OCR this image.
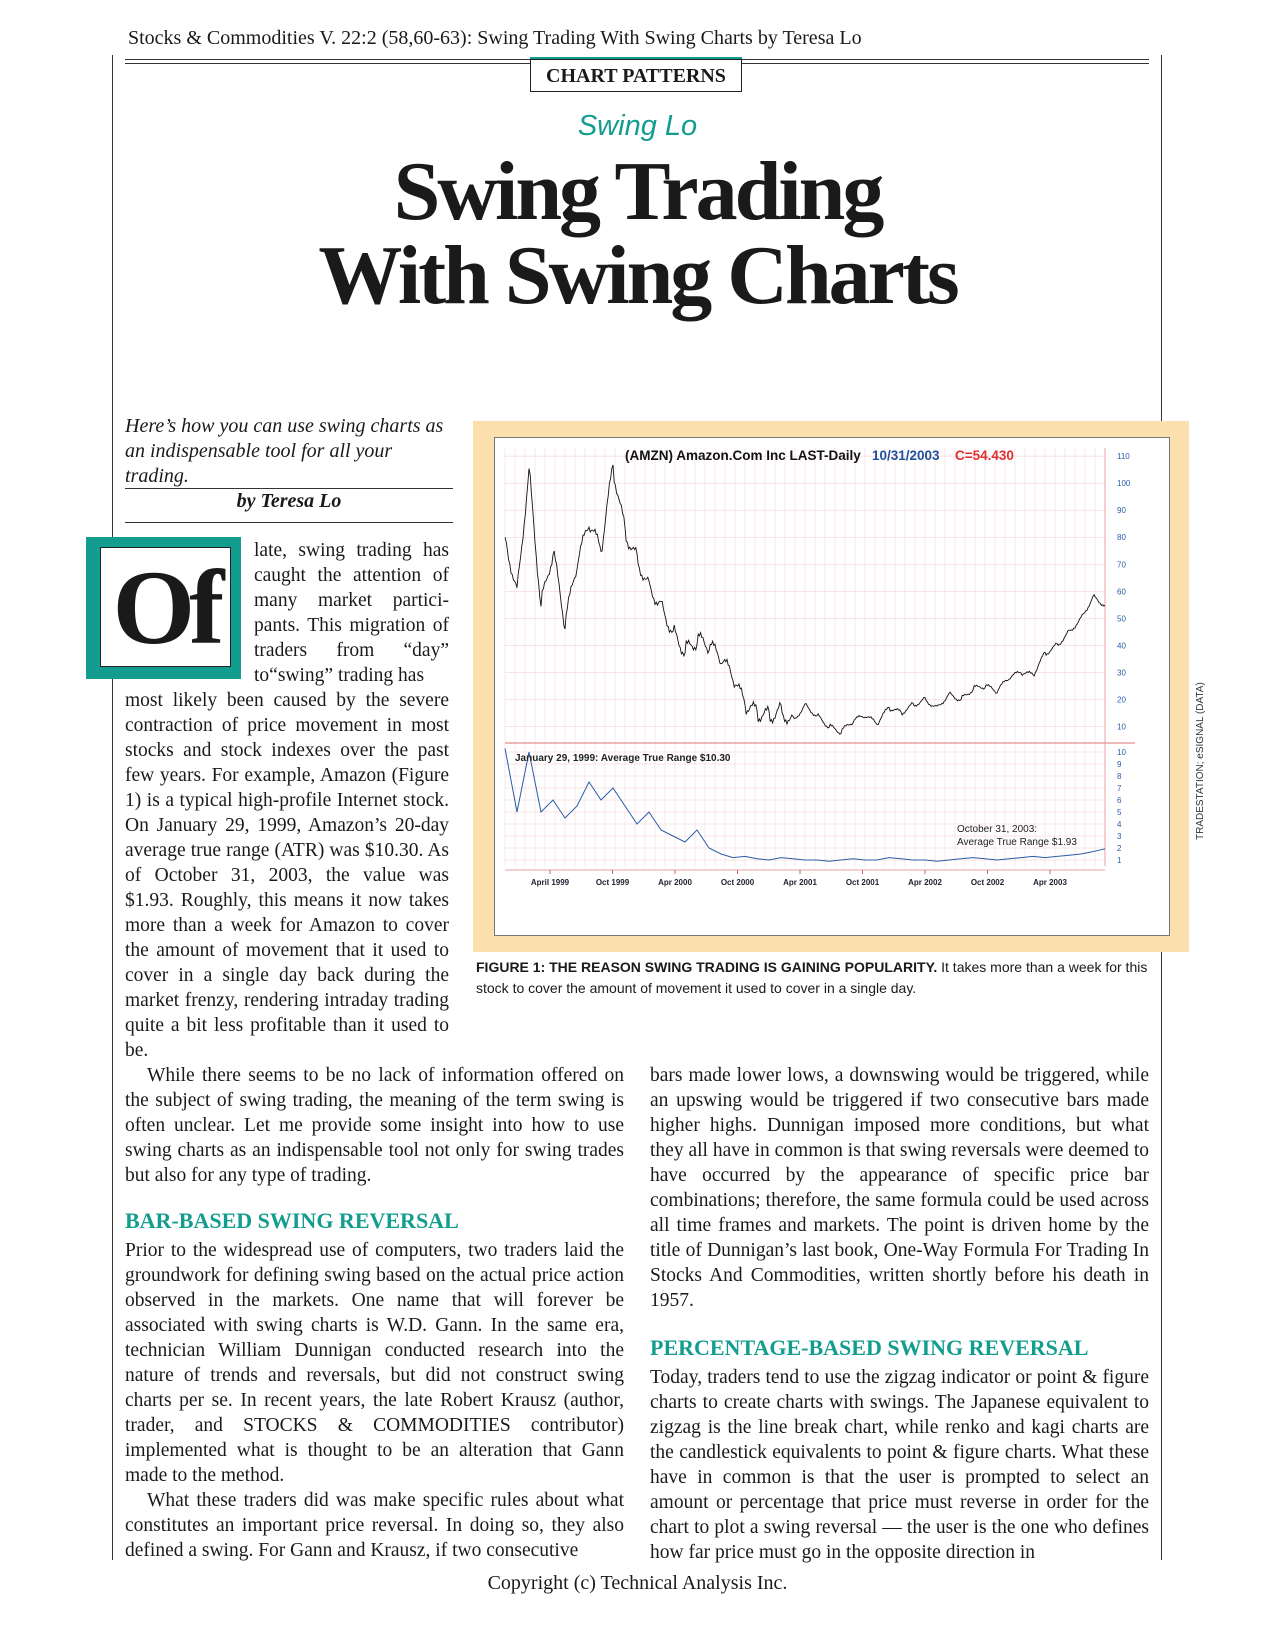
Stocks & Commodities V. 22:2 (58,60-63): Swing Trading With Swing Charts by Teresa Lo
CHART PATTERNS
Swing Lo
Swing Trading
With Swing Charts
Here’s how you can use swing charts as an indispensable tool for all your trading.
by Teresa Lo
Of	late, swing trading has caught the attention of many market partici-pants. This migration of traders from “day” to“swing” trading has
most likely been caused by the severe contraction of price movement in most stocks and stock indexes over the past few years. For example, Amazon (Figure 1) is a typical high-profile Internet stock. On January 29, 1999, Amazon’s 20-day average true range (ATR) was $10.30. As of October 31, 2003, the value was $1.93. Roughly, this means it now takes more than a week for Amazon to cover the amount of movement that it used to cover in a single day back during the market frenzy, rendering intraday trading quite a bit less profitable than it used to be.
While there seems to be no lack of information offered on the subject of swing trading, the meaning of the term swing is often unclear. Let me provide some insight into how to use swing charts as an indispensable tool not only for swing trades but also for any type of trading.
BAR-BASED SWING REVERSAL

Prior to the widespread use of computers, two traders laid the groundwork for defining swing based on the actual price action observed in the markets. One name that will forever be associated with swing charts is W.D. Gann. In the same era, technician William Dunnigan conducted research into the nature of trends and reversals, but did not construct swing charts per se. In recent years, the late Robert Krausz (author, trader, and STOCKS & COMMODITIES contributor) implemented what is thought to be an alteration that Gann made to the method.

What these traders did was make specific rules about what constitutes an important price reversal. In doing so, they also defined a swing. For Gann and Krausz, if two consecutive

bars made lower lows, a downswing would be triggered, while an upswing would be triggered if two consecutive bars made higher highs. Dunnigan imposed more conditions, but what they all have in common is that swing reversals were deemed to have occurred by the appearance of specific price bar combinations; therefore, the same formula could be used across all time frames and markets. The point is driven home by the title of Dunnigan’s last book, One-Way Formula For Trading In Stocks And Commodities, written shortly before his death in 1957.
PERCENTAGE-BASED SWING REVERSAL

Today, traders tend to use the zigzag indicator or point & figure charts to create charts with swings. The Japanese equivalent to zigzag is the line break chart, while renko and kagi charts are the candlestick equivalents to point & figure charts. What these have in common is that the user is prompted to select an amount or percentage that price must reverse in order for the chart to plot a swing reversal — the user is the one who defines how far price must go in the opposite direction in

10
20
30
40
50
60
70
80
90
100
110
1
2
3
4
5
6
7
8
9
10
April 1999	Oct 1999	Apr 2000	Oct 2000	Apr 2001	Oct 2001	Apr 2002	Oct 2002	Apr 2003
(AMZN) Amazon.Com Inc LAST-Daily 10/31/2003 C=54.430
January 29, 1999: Average True Range $10.30
October 31, 2003:
Average True Range $1.93
TRADESTATION; eSIGNAL (DATA)
FIGURE 1: THE REASON SWING TRADING IS GAINING POPULARITY. It takes more than a week for this stock to cover the amount of movement it used to cover in a single day.
Copyright (c) Technical Analysis Inc.
